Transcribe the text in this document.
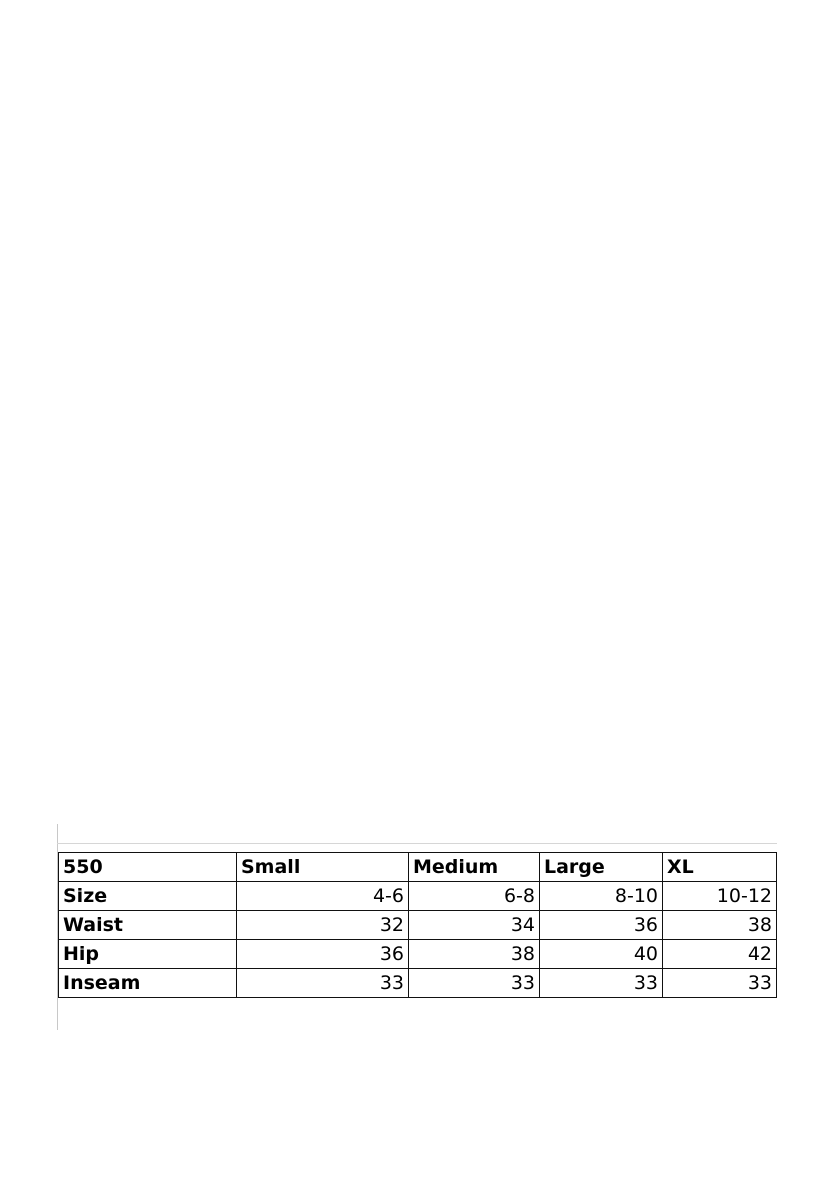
550	Small	Medium	Large	XL
Size	4-6	6-8	8-10	10-12
Waist	32	34	36	38
Hip	36	38	40	42
Inseam	33	33	33	33
